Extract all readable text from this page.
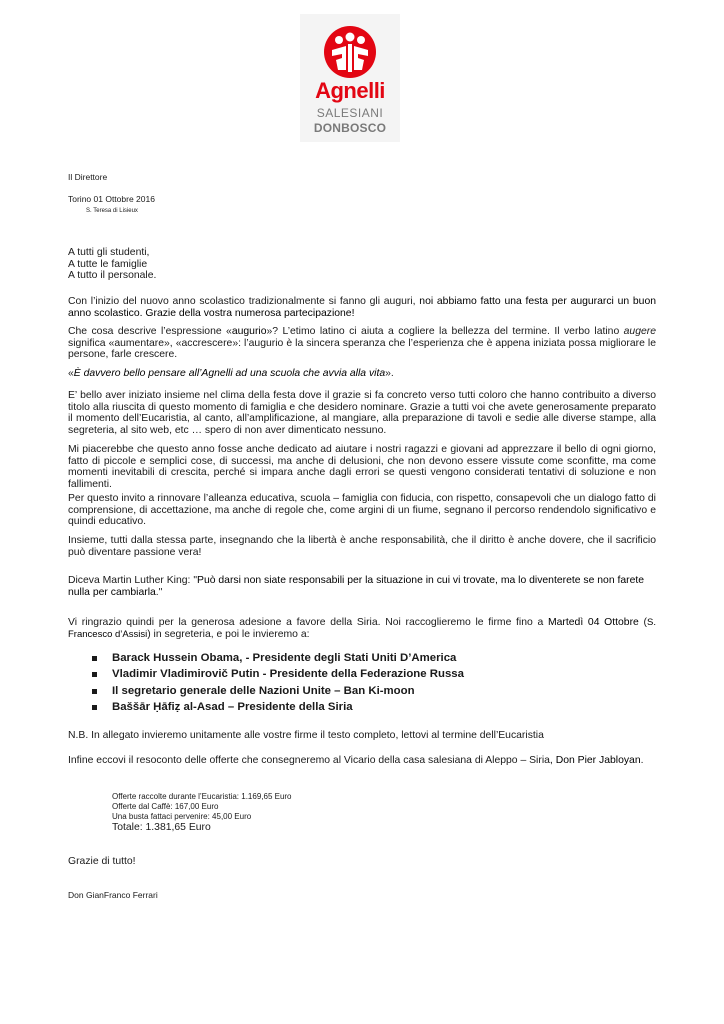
Agnelli
SALESIANI
DONBOSCO
Il Direttore
Torino 01 Ottobre 2016
S. Teresa di Lisieux
A tutti gli studenti,
A tutte le famiglie
A tutto il personale.

Con l’inizio del nuovo anno scolastico tradizionalmente si fanno gli auguri, noi abbiamo fatto una festa per augurarci un buon anno scolastico. Grazie della vostra numerosa partecipazione!

Che cosa descrive l’espressione «augurio»? L’etimo latino ci aiuta a cogliere la bellezza del termine. Il verbo latino augere significa «aumentare», «accrescere»: l’augurio è la sincera speranza che l’esperienza che è appena iniziata possa migliorare le persone, farle crescere.

«È davvero bello pensare all’Agnelli ad una scuola che avvia alla vita».

E’ bello aver iniziato insieme nel clima della festa dove il grazie si fa concreto verso tutti coloro che hanno contribuito a diverso titolo alla riuscita di questo momento di famiglia e che desidero nominare. Grazie a tutti voi che avete generosamente preparato il momento dell’Eucaristia, al canto, all’amplificazione, al mangiare, alla preparazione di tavoli e sedie alle diverse stampe, alla segreteria, al sito web, etc … spero di non aver dimenticato nessuno.

Mi piacerebbe che questo anno fosse anche dedicato ad aiutare i nostri ragazzi e giovani ad apprezzare il bello di ogni giorno, fatto di piccole e semplici cose, di successi, ma anche di delusioni, che non devono essere vissute come sconfitte, ma come momenti inevitabili di crescita, perché si impara anche dagli errori se questi vengono considerati tentativi di soluzione e non fallimenti.

Per questo invito a rinnovare l’alleanza educativa, scuola – famiglia con fiducia, con rispetto, consapevoli che un dialogo fatto di comprensione, di accettazione, ma anche di regole che, come argini di un fiume, segnano il percorso rendendolo significativo e quindi educativo.

Insieme, tutti dalla stessa parte, insegnando che la libertà è anche responsabilità, che il diritto è anche dovere, che il sacrificio può diventare passione vera!

Diceva Martin Luther King: "Può darsi non siate responsabili per la situazione in cui vi trovate, ma lo diventerete se non farete nulla per cambiarla."

Vi ringrazio quindi per la generosa adesione a favore della Siria. Noi raccoglieremo le firme fino a Martedì 04 Ottobre (S. Francesco d’Assisi) in segreteria, e poi le invieremo a:

Barack Hussein Obama, - Presidente degli Stati Uniti D’America
Vladimir Vladimirovič Putin - Presidente della Federazione Russa
Il segretario generale delle Nazioni Unite – Ban Ki-moon
Baššār Ḥāfiẓ al-Asad – Presidente della Siria

N.B. In allegato invieremo unitamente alle vostre firme il testo completo, lettovi al termine dell’Eucaristia

Infine eccovi il resoconto delle offerte che consegneremo al Vicario della casa salesiana di Aleppo – Siria, Don Pier Jabloyan.

Offerte raccolte durante l’Eucaristia: 1.169,65 Euro
Offerte dal Caffè: 167,00 Euro
Una busta fattaci pervenire: 45,00 Euro
Totale: 1.381,65 Euro
Grazie di tutto!
Don GianFranco Ferrari
